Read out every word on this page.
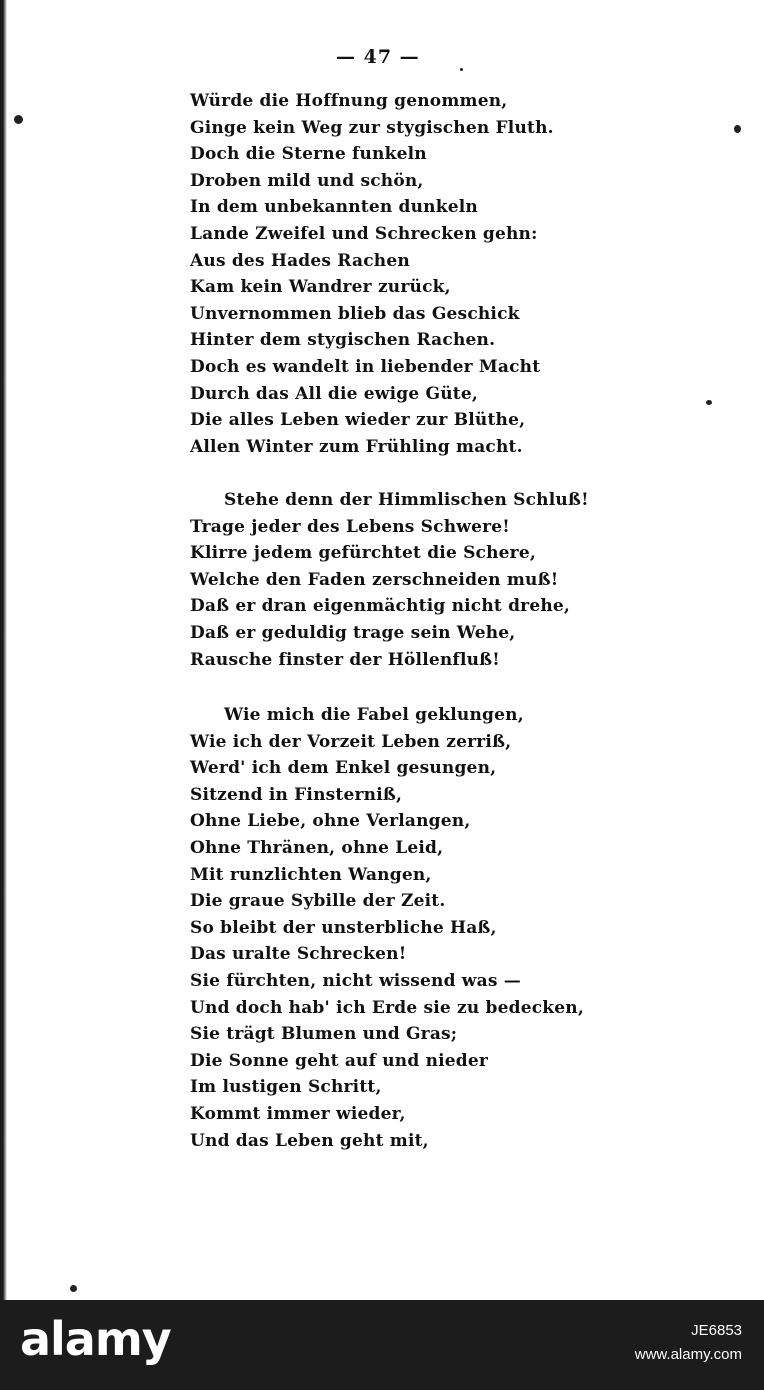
— 47 —
Würde die Hoffnung genommen,
Ginge kein Weg zur stygischen Fluth.
Doch die Sterne funkeln
Droben mild und schön,
In dem unbekannten dunkeln
Lande Zweifel und Schrecken gehn:
Aus des Hades Rachen
Kam kein Wandrer zurück,
Unvernommen blieb das Geschick
Hinter dem stygischen Rachen.
Doch es wandelt in liebender Macht
Durch das All die ewige Güte,
Die alles Leben wieder zur Blüthe,
Allen Winter zum Frühling macht.
Stehe denn der Himmlischen Schluß!
Trage jeder des Lebens Schwere!
Klirre jedem gefürchtet die Schere,
Welche den Faden zerschneiden muß!
Daß er dran eigenmächtig nicht drehe,
Daß er geduldig trage sein Wehe,
Rausche finster der Höllenfluß!
Wie mich die Fabel geklungen,
Wie ich der Vorzeit Leben zerriß,
Werd' ich dem Enkel gesungen,
Sitzend in Finsterniß,
Ohne Liebe, ohne Verlangen,
Ohne Thränen, ohne Leid,
Mit runzlichten Wangen,
Die graue Sybille der Zeit.
So bleibt der unsterbliche Haß,
Das uralte Schrecken!
Sie fürchten, nicht wissend was —
Und doch hab' ich Erde sie zu bedecken,
Sie trägt Blumen und Gras;
Die Sonne geht auf und nieder
Im lustigen Schritt,
Kommt immer wieder,
Und das Leben geht mit,
alamy	JE6853
www.alamy.com
